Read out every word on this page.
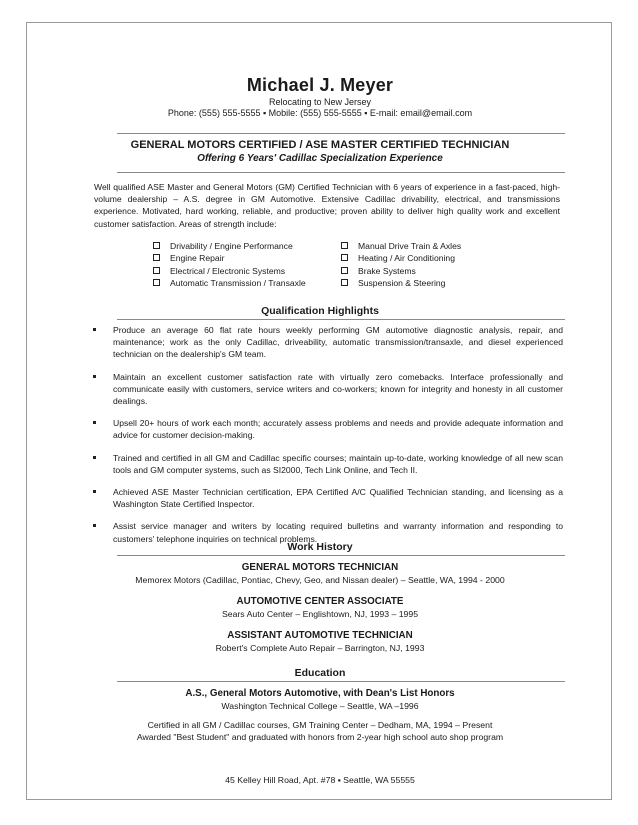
Michael J. Meyer
Relocating to New Jersey
Phone: (555) 555-5555 ▪ Mobile: (555) 555-5555 ▪ E-mail: email@email.com
GENERAL MOTORS CERTIFIED / ASE MASTER CERTIFIED TECHNICIAN
Offering 6 Years' Cadillac Specialization Experience
Well qualified ASE Master and General Motors (GM) Certified Technician with 6 years of experience in a fast-paced, high-volume dealership – A.S. degree in GM Automotive. Extensive Cadillac drivability, electrical, and transmissions experience. Motivated, hard working, reliable, and productive; proven ability to deliver high quality work and excellent customer satisfaction. Areas of strength include:
Drivability / Engine Performance
Engine Repair
Electrical / Electronic Systems
Automatic Transmission / Transaxle
Manual Drive Train & Axles
Heating / Air Conditioning
Brake Systems
Suspension & Steering
Qualification Highlights
Produce an average 60 flat rate hours weekly performing GM automotive diagnostic analysis, repair, and maintenance; work as the only Cadillac, driveability, automatic transmission/transaxle, and diesel experienced technician on the dealership's GM team.
Maintain an excellent customer satisfaction rate with virtually zero comebacks. Interface professionally and communicate easily with customers, service writers and co-workers; known for integrity and honesty in all customer dealings.
Upsell 20+ hours of work each month; accurately assess problems and needs and provide adequate information and advice for customer decision-making.
Trained and certified in all GM and Cadillac specific courses; maintain up-to-date, working knowledge of all new scan tools and GM computer systems, such as SI2000, Tech Link Online, and Tech II.
Achieved ASE Master Technician certification, EPA Certified A/C Qualified Technician standing, and licensing as a Washington State Certified Inspector.
Assist service manager and writers by locating required bulletins and warranty information and responding to customers' telephone inquiries on technical problems.
Work History
GENERAL MOTORS TECHNICIAN
Memorex Motors (Cadillac, Pontiac, Chevy, Geo, and Nissan dealer) – Seattle, WA, 1994 - 2000
AUTOMOTIVE CENTER ASSOCIATE
Sears Auto Center – Englishtown, NJ, 1993 – 1995
ASSISTANT AUTOMOTIVE TECHNICIAN
Robert's Complete Auto Repair – Barrington, NJ, 1993
Education
A.S., General Motors Automotive, with Dean's List Honors
Washington Technical College – Seattle, WA –1996
Certified in all GM / Cadillac courses, GM Training Center – Dedham, MA, 1994 – Present
Awarded "Best Student" and graduated with honors from 2-year high school auto shop program
45 Kelley Hill Road, Apt. #78 ▪ Seattle, WA 55555
